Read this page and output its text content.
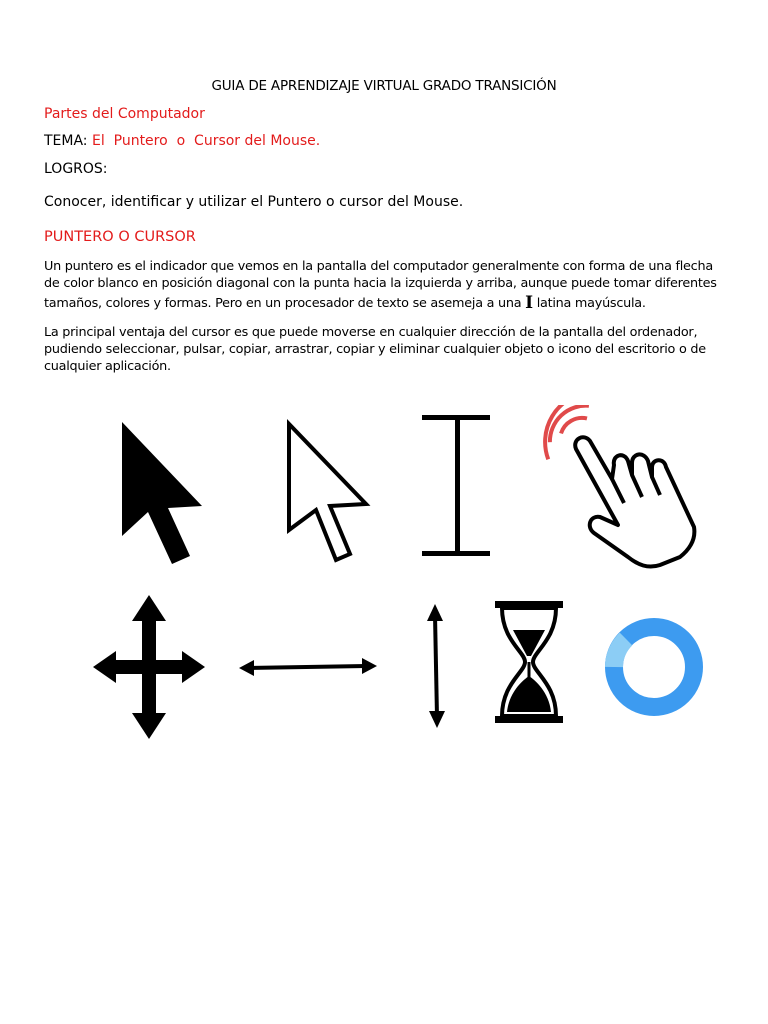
GUIA DE APRENDIZAJE VIRTUAL GRADO TRANSICIÓN
Partes del Computador
TEMA: El  Puntero  o  Cursor del Mouse.
LOGROS:
Conocer, identificar y utilizar el Puntero o cursor del Mouse.
PUNTERO O CURSOR
Un puntero es el indicador que vemos en la pantalla del computador generalmente con forma de una flecha
de color blanco en posición diagonal con la punta hacia la izquierda y arriba, aunque puede tomar diferentes
tamaños, colores y formas. Pero en un procesador de texto se asemeja a una I latina mayúscula.
La principal ventaja del cursor es que puede moverse en cualquier dirección de la pantalla del ordenador,
pudiendo seleccionar, pulsar, copiar, arrastrar, copiar y eliminar cualquier objeto o icono del escritorio o de
cualquier aplicación.
